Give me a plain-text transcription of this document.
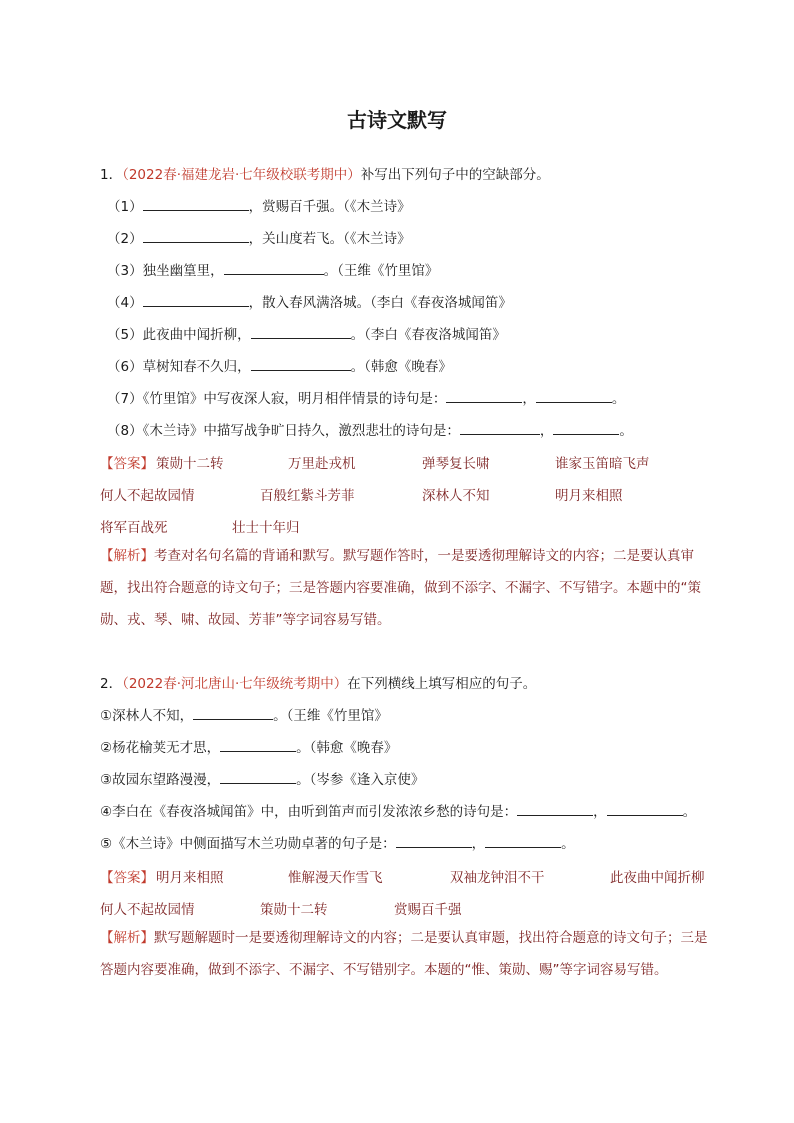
古诗文默写
1．（2022春·福建龙岩·七年级校联考期中）补写出下列句子中的空缺部分。
（1）	，赏赐百千强。（《木兰诗》
（2）	，关山度若飞。（《木兰诗》
（3）独坐幽篁里，	。（王维《竹里馆》
（4）	，散入春风满洛城。（李白《春夜洛城闻笛》
（5）此夜曲中闻折柳，	。（李白《春夜洛城闻笛》
（6）草树知春不久归，	。（韩愈《晚春》
（7）《竹里馆》中写夜深人寂，明月相伴情景的诗句是：	，	。
（8）《木兰诗》中描写战争旷日持久，激烈悲壮的诗句是：	，	。
【答案】 策勋十二转	万里赴戎机	弹琴复长啸	谁家玉笛暗飞声
何人不起故园情	百般红紫斗芳菲	深林人不知	明月来相照
将军百战死	壮士十年归
【解析】考查对名句名篇的背诵和默写。默写题作答时，一是要透彻理解诗文的内容；二是要认真审题，找出符合题意的诗文句子；三是答题内容要准确，做到不添字、不漏字、不写错字。本题中的“策勋、戎、琴、啸、故园、芳菲”等字词容易写错。
2．（2022春·河北唐山·七年级统考期中）在下列横线上填写相应的句子。
①深林人不知，	。（王维《竹里馆》
②杨花榆荚无才思，	。（韩愈《晚春》
③故园东望路漫漫，	。（岑参《逢入京使》
④李白在《春夜洛城闻笛》中，由听到笛声而引发浓浓乡愁的诗句是：	，	。
⑤《木兰诗》中侧面描写木兰功勋卓著的句子是：	，	。
【答案】 明月来相照	惟解漫天作雪飞	双袖龙钟泪不干	此夜曲中闻折柳
何人不起故园情	策勋十二转	赏赐百千强
【解析】默写题解题时一是要透彻理解诗文的内容；二是要认真审题，找出符合题意的诗文句子；三是答题内容要准确，做到不添字、不漏字、不写错别字。本题的“惟、策勋、赐”等字词容易写错。
